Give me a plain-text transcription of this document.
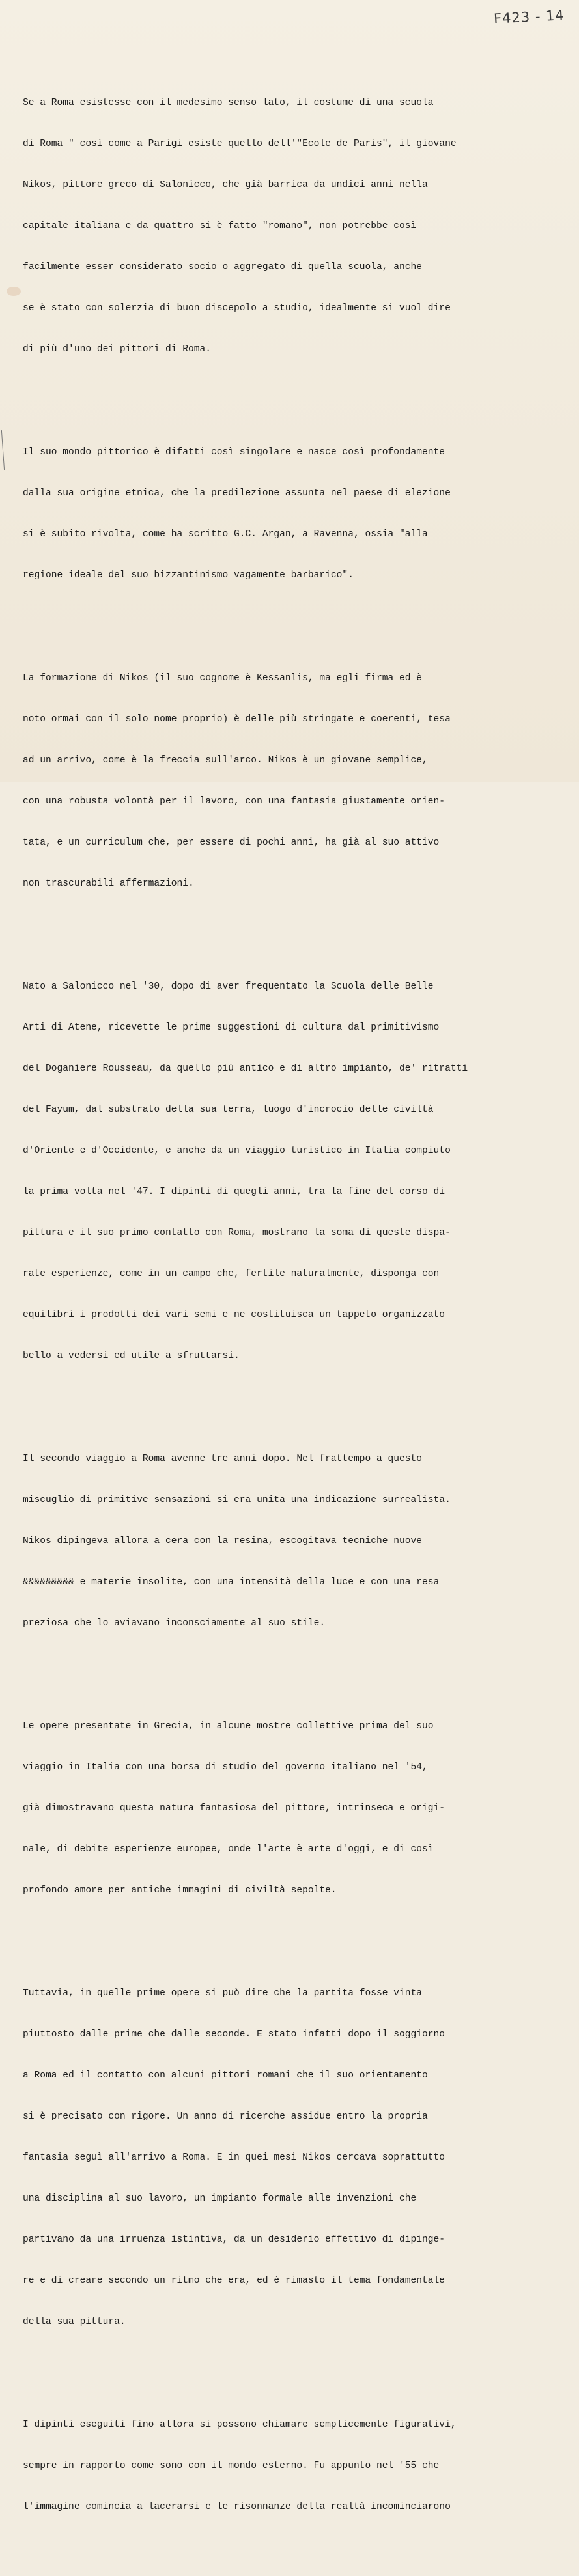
F423 - 14

Se a Roma esistesse con il medesimo senso lato, il costume di una scuola

di Roma " così come a Parigi esiste quello dell'"Ecole de Paris", il giovane

Nikos, pittore greco di Salonicco, che già barrica da undici anni nella

capitale italiana e da quattro si è fatto "romano", non potrebbe così

facilmente esser considerato socio o aggregato di quella scuola, anche

se è stato con solerzia di buon discepolo a studio, idealmente si vuol dire

di più d'uno dei pittori di Roma.

Il suo mondo pittorico è difatti così singolare e nasce così profondamente

dalla sua origine etnica, che la predilezione assunta nel paese di elezione

si è subito rivolta, come ha scritto G.C. Argan, a Ravenna, ossia "alla

regione ideale del suo bizzantinismo vagamente barbarico".

La formazione di Nikos (il suo cognome è Kessanlis, ma egli firma ed è

noto ormai con il solo nome proprio) è delle più stringate e coerenti, tesa

ad un arrivo, come è la freccia sull'arco. Nikos è un giovane semplice,

con una robusta volontà per il lavoro, con una fantasia giustamente orien-

tata, e un curriculum che, per essere di pochi anni, ha già al suo attivo

non trascurabili affermazioni.

Nato a Salonicco nel '30, dopo di aver frequentato la Scuola delle Belle

Arti di Atene, ricevette le prime suggestioni di cultura dal primitivismo

del Doganiere Rousseau, da quello più antico e di altro impianto, de' ritratti

del Fayum, dal substrato della sua terra, luogo d'incrocio delle civiltà

d'Oriente e d'Occidente, e anche da un viaggio turistico in Italia compiuto

la prima volta nel '47. I dipinti di quegli anni, tra la fine del corso di

pittura e il suo primo contatto con Roma, mostrano la soma di queste dispa-

rate esperienze, come in un campo che, fertile naturalmente, disponga con

equilibri i prodotti dei vari semi e ne costituisca un tappeto organizzato

bello a vedersi ed utile a sfruttarsi.

Il secondo viaggio a Roma avenne tre anni dopo. Nel frattempo a questo

miscuglio di primitive sensazioni si era unita una indicazione surrealista.

Nikos dipingeva allora a cera con la resina, escogitava tecniche nuove

&&&&&&&&& e materie insolite, con una intensità della luce e con una resa

preziosa che lo aviavano inconsciamente al suo stile.

Le opere presentate in Grecia, in alcune mostre collettive prima del suo

viaggio in Italia con una borsa di studio del governo italiano nel '54,

già dimostravano questa natura fantasiosa del pittore, intrinseca e origi-

nale, di debite esperienze europee, onde l'arte è arte d'oggi, e di così

profondo amore per antiche immagini di civiltà sepolte.

Tuttavia, in quelle prime opere si può dire che la partita fosse vinta

piuttosto dalle prime che dalle seconde. E stato infatti dopo il soggiorno

a Roma ed il contatto con alcuni pittori romani che il suo orientamento

si è precisato con rigore. Un anno di ricerche assidue entro la propria

fantasia seguì all'arrivo a Roma. E in quei mesi Nikos cercava soprattutto

una disciplina al suo lavoro, un impianto formale alle invenzioni che

partivano da una irruenza istintiva, da un desiderio effettivo di dipinge-

re e di creare secondo un ritmo che era, ed è rimasto il tema fondamentale

della sua pittura.

I dipinti eseguiti fino allora si possono chiamare semplicemente figurativi,

sempre in rapporto come sono con il mondo esterno. Fu appunto nel '55 che

l'immagine comincia a lacerarsi e le risonnanze della realtà incominciarono
